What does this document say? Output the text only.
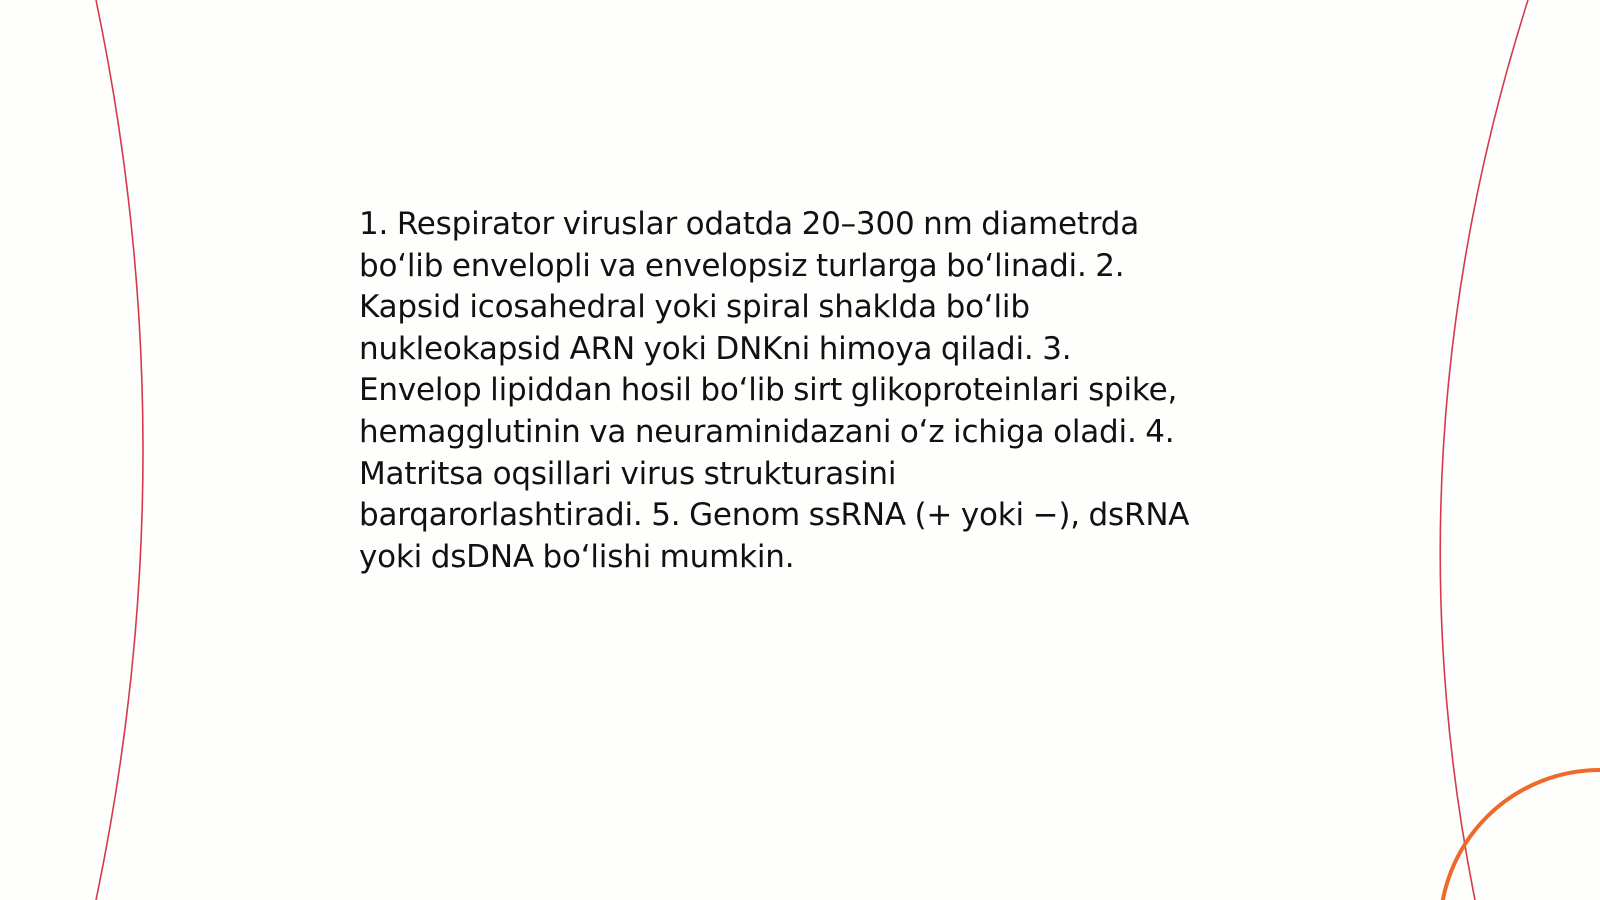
1. Respirator viruslar odatda 20–300 nm diametrda
bo‘lib envelopli va envelopsiz turlarga bo‘linadi. 2.
Kapsid icosahedral yoki spiral shaklda bo‘lib
nukleokapsid ARN yoki DNKni himoya qiladi. 3.
Envelop lipiddan hosil bo‘lib sirt glikoproteinlari spike,
hemagglutinin va neuraminidazani o‘z ichiga oladi. 4.
Matritsa oqsillari virus strukturasini
barqarorlashtiradi. 5. Genom ssRNA (+ yoki −), dsRNA
yoki dsDNA bo‘lishi mumkin.
